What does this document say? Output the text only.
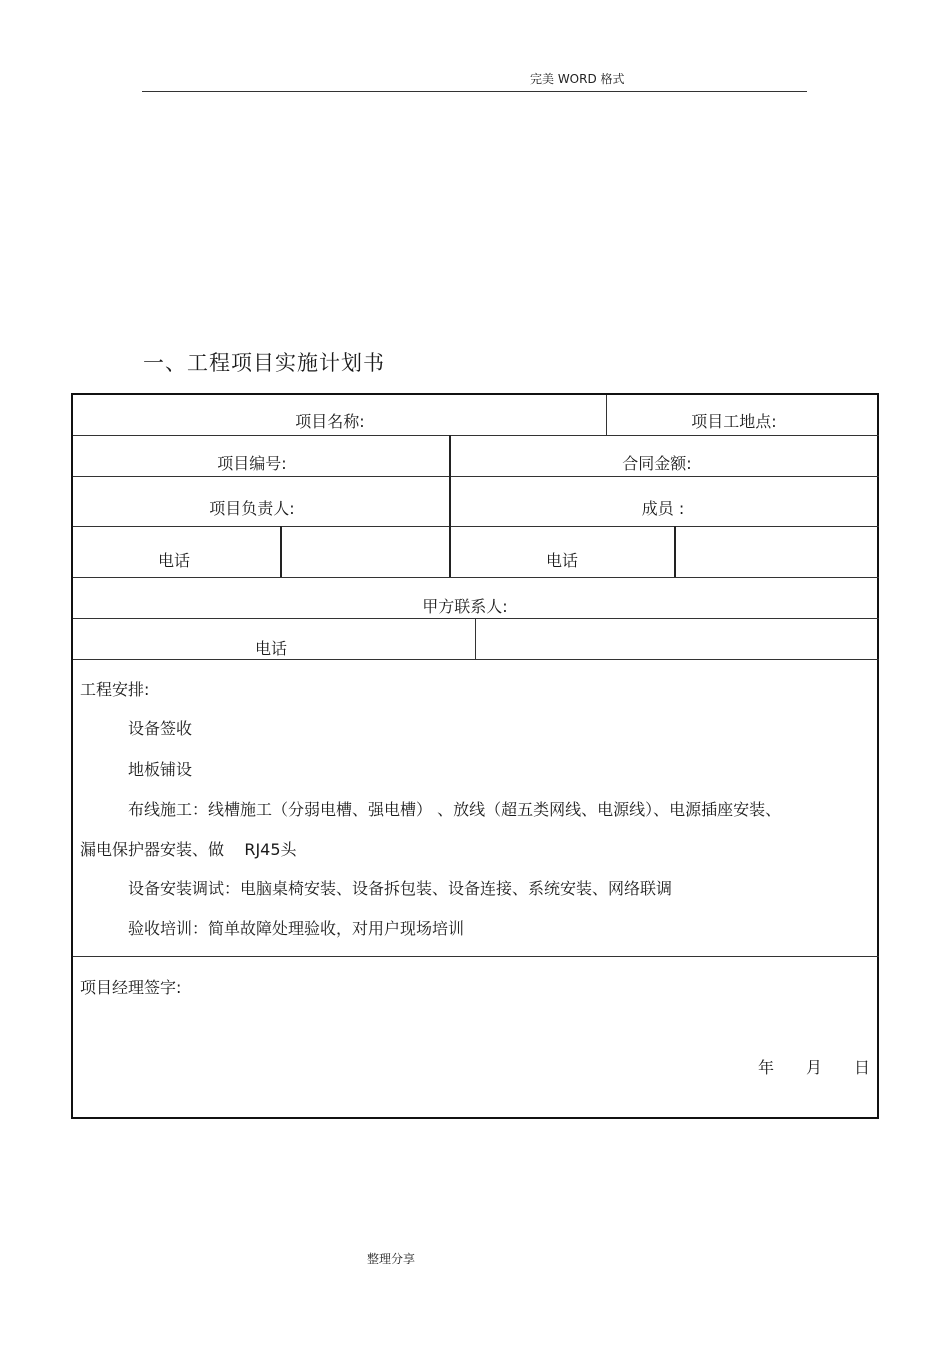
完美 WORD 格式
一、工程项目实施计划书
项目名称:	项目工地点:
项目编号:	合同金额:
项目负责人:	成员 :
电话	电话
甲方联系人:
电话
工程安排:
设备签收
地板铺设
布线施工：线槽施工（分弱电槽、强电槽） 、放线（超五类网线、电源线）、电源插座安装、
漏电保护器安装、做    RJ45头
设备安装调试：电脑桌椅安装、设备拆包装、设备连接、系统安装、网络联调
验收培训：简单故障处理验收，对用户现场培训
项目经理签字:
年 月 日
整理分享
